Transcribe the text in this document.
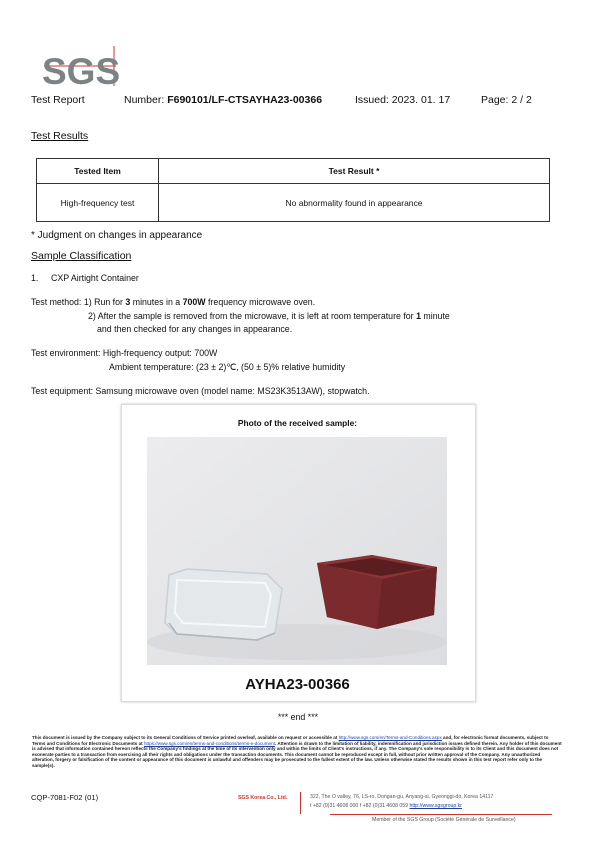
SGS
Test Report	Number: F690101/LF-CTSAYHA23-00366	Issued: 2023. 01. 17	Page: 2 / 2
Test Results
Tested Item	Test Result *
High-frequency test	No abnormality found in appearance
* Judgment on changes in appearance
Sample Classification
1. CXP Airtight Container
Test method: 1) Run for 3 minutes in a 700W frequency microwave oven.
2) After the sample is removed from the microwave, it is left at room temperature for 1 minute
and then checked for any changes in appearance.
Test environment: High-frequency output: 700W
Ambient temperature: (23 ± 2)℃, (50 ± 5)% relative humidity
Test equipment: Samsung microwave oven (model name: MS23K3513AW), stopwatch.
Photo of the received sample:
AYHA23-00366
*** end ***
This document is issued by the Company subject to its General Conditions of Service printed overleaf, available on request or accessible at http://www.sgs.com/en/Terms-and-Conditions.aspx and, for electronic format documents, subject to Terms and Conditions for Electronic Documents at https://www.sgs.com/en/terms-and-conditions/terms-e-document. Attention is drawn to the limitation of liability, indemnification and jurisdiction issues defined therein. Any holder of this document is advised that information contained hereon reflects the Company's findings at the time of its intervention only and within the limits of Client's instructions, if any. The Company's sole responsibility is to its Client and this document does not exonerate parties to a transaction from exercising all their rights and obligations under the transaction documents. This document cannot be reproduced except in full, without prior written approval of the Company. Any unauthorized alteration, forgery or falsification of the content or appearance of this document is unlawful and offenders may be prosecuted to the fullest extent of the law. Unless otherwise stated the results shown in this test report refer only to the sample(s).
CQP-7081-F02 (01)	SGS Korea Co., Ltd.	322, The O valley, 76, LS-ro, Dongan-gu, Anyang-si, Gyeonggi-do, Korea 14117
t +82 (0)31 4608 000 f +82 (0)31 4608 059 http://www.sgsgroup.kr
Member of the SGS Group (Société Générale de Surveillance)
